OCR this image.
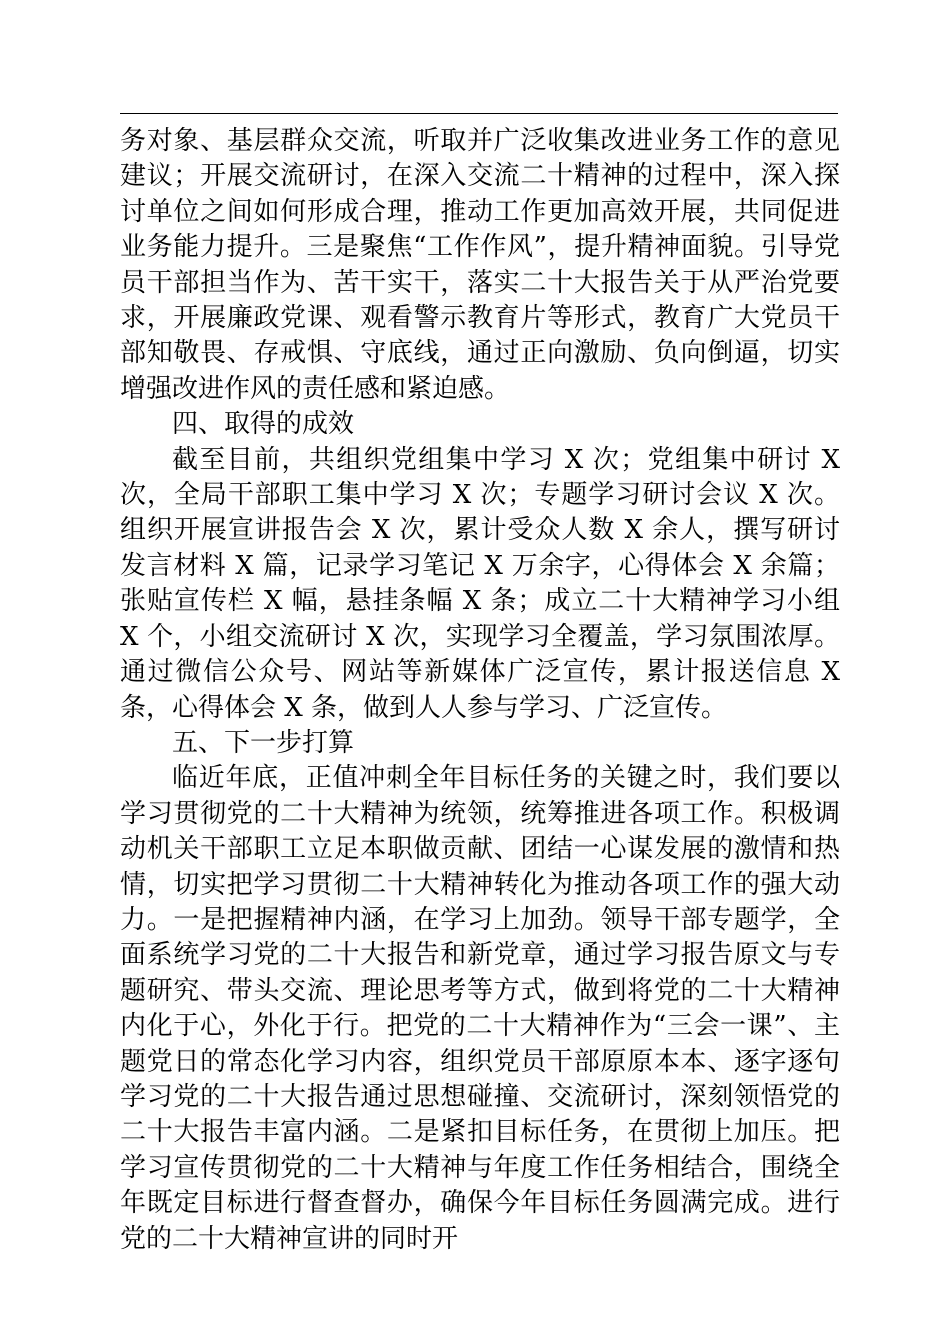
务对象、基层群众交流，听取并广泛收集改进业务工作的意见建议；开展交流研讨，在深入交流二十精神的过程中，深入探讨单位之间如何形成合理，推动工作更加高效开展，共同促进业务能力提升。三是聚焦“工作作风”，提升精神面貌。引导党员干部担当作为、苦干实干，落实二十大报告关于从严治党要求，开展廉政党课、观看警示教育片等形式，教育广大党员干部知敬畏、存戒惧、守底线，通过正向激励、负向倒逼，切实增强改进作风的责任感和紧迫感。

四、取得的成效

截至目前，共组织党组集中学习 X 次；党组集中研讨 X 次，全局干部职工集中学习 X 次；专题学习研讨会议 X 次。组织开展宣讲报告会 X 次，累计受众人数 X 余人，撰写研讨发言材料 X 篇，记录学习笔记 X 万余字，心得体会 X 余篇；张贴宣传栏 X 幅，悬挂条幅 X 条；成立二十大精神学习小组 X 个，小组交流研讨 X 次，实现学习全覆盖，学习氛围浓厚。通过微信公众号、网站等新媒体广泛宣传，累计报送信息 X 条，心得体会 X 条，做到人人参与学习、广泛宣传。

五、下一步打算

临近年底，正值冲刺全年目标任务的关键之时，我们要以学习贯彻党的二十大精神为统领，统筹推进各项工作。积极调动机关干部职工立足本职做贡献、团结一心谋发展的激情和热情，切实把学习贯彻二十大精神转化为推动各项工作的强大动力。一是把握精神内涵，在学习上加劲。领导干部专题学，全面系统学习党的二十大报告和新党章，通过学习报告原文与专题研究、带头交流、理论思考等方式，做到将党的二十大精神内化于心，外化于行。把党的二十大精神作为“三会一课”、主题党日的常态化学习内容，组织党员干部原原本本、逐字逐句学习党的二十大报告通过思想碰撞、交流研讨，深刻领悟党的二十大报告丰富内涵。二是紧扣目标任务，在贯彻上加压。把学习宣传贯彻党的二十大精神与年度工作任务相结合，围绕全年既定目标进行督查督办，确保今年目标任务圆满完成。进行党的二十大精神宣讲的同时开
